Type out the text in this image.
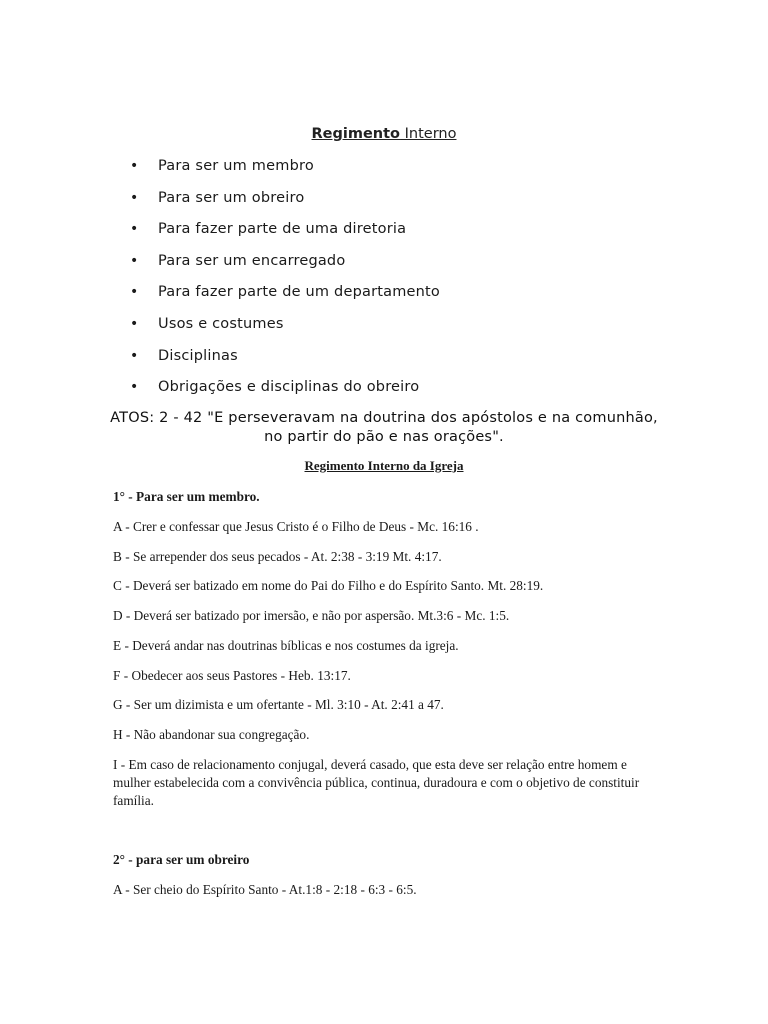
Regimento Interno
•	Para ser um membro
•	Para ser um obreiro
•	Para fazer parte de uma diretoria
•	Para ser um encarregado
•	Para fazer parte de um departamento
•	Usos e costumes
•	Disciplinas
•	Obrigações e disciplinas do obreiro
ATOS: 2 - 42 "E perseveravam na doutrina dos apóstolos e na comunhão, no partir do pão e nas orações".
Regimento Interno da Igreja
1° - Para ser um membro.
A - Crer e confessar que Jesus Cristo é o Filho de Deus - Mc. 16:16 .
B - Se arrepender dos seus pecados - At. 2:38 - 3:19 Mt. 4:17.
C - Deverá ser batizado em nome do Pai do Filho e do Espírito Santo. Mt. 28:19.
D - Deverá ser batizado por imersão, e não por aspersão. Mt.3:6 - Mc. 1:5.
E - Deverá andar nas doutrinas bíblicas e nos costumes da igreja.
F - Obedecer aos seus Pastores - Heb. 13:17.
G - Ser um dizimista e um ofertante - Ml. 3:10 - At. 2:41 a 47.
H - Não abandonar sua congregação.
I - Em caso de relacionamento conjugal, deverá casado, que esta deve ser relação entre homem e mulher estabelecida com a convivência pública, continua, duradoura e com o objetivo de constituir família.
2° - para ser um obreiro
A - Ser cheio do Espírito Santo - At.1:8 - 2:18 - 6:3 - 6:5.
